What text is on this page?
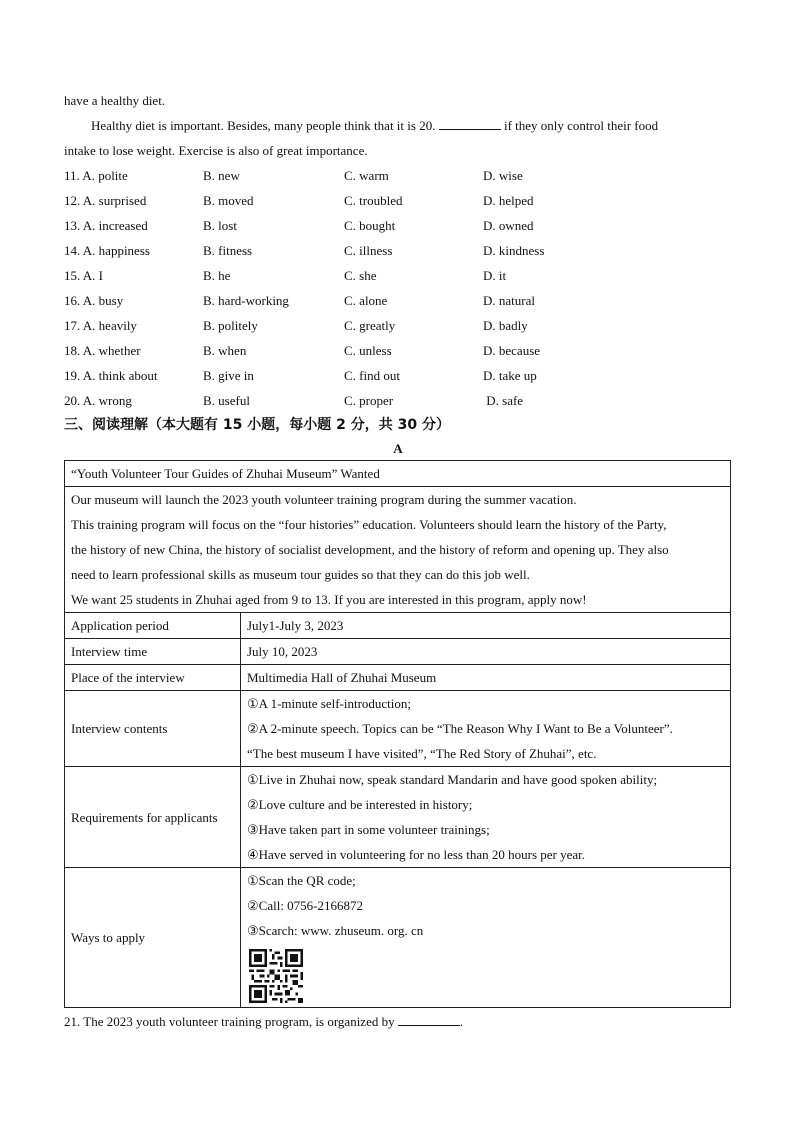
have a healthy diet.
Healthy diet is important. Besides, many people think that it is 20.	if they only control their food
intake to lose weight. Exercise is also of great importance.
11. A. polite	B. new	C. warm	D. wise
12. A. surprised	B. moved	C. troubled	D. helped
13. A. increased	B. lost	C. bought	D. owned
14. A. happiness	B. fitness	C. illness	D. kindness
15. A. I	B. he	C. she	D. it
16. A. busy	B. hard-working	C. alone	D. natural
17. A. heavily	B. politely	C. greatly	D. badly
18. A. whether	B. when	C. unless	D. because
19. A. think about	B. give in	C. find out	D. take up
20. A. wrong	B. useful	C. proper	D. safe
三、阅读理解（本大题有 15 小题，每小题 2 分，共 30 分）
A
“Youth Volunteer Tour Guides of Zhuhai Museum” Wanted	

Our museum will launch the 2023 youth volunteer training program during the summer vacation.
This training program will focus on the “four histories” education. Volunteers should learn the history of the Party,
the history of new China, the history of socialist development, and the history of reform and opening up. They also
need to learn professional skills as museum tour guides so that they can do this job well.
We want 25 students in Zhuhai aged from 9 to 13. If you are interested in this program, apply now!	

Application period	July1-July 3, 2023

Interview time	July 10, 2023

Place of the interview	Multimedia Hall of Zhuhai Museum

Interview contents	①A 1-minute self-introduction;
②A 2-minute speech. Topics can be “The Reason Why I Want to Be a Volunteer”.
“The best museum I have visited”, “The Red Story of Zhuhai”, etc.

Requirements for applicants	①Live in Zhuhai now, speak standard Mandarin and have good spoken ability;
②Love culture and be interested in history;
③Have taken part in some volunteer trainings;
④Have served in volunteering for no less than 20 hours per year.

Ways to apply	①Scan the QR code;
②Call: 0756-2166872
③Scarch: www. zhuseum. org. cn
21. The 2023 youth volunteer training program, is organized by	.
